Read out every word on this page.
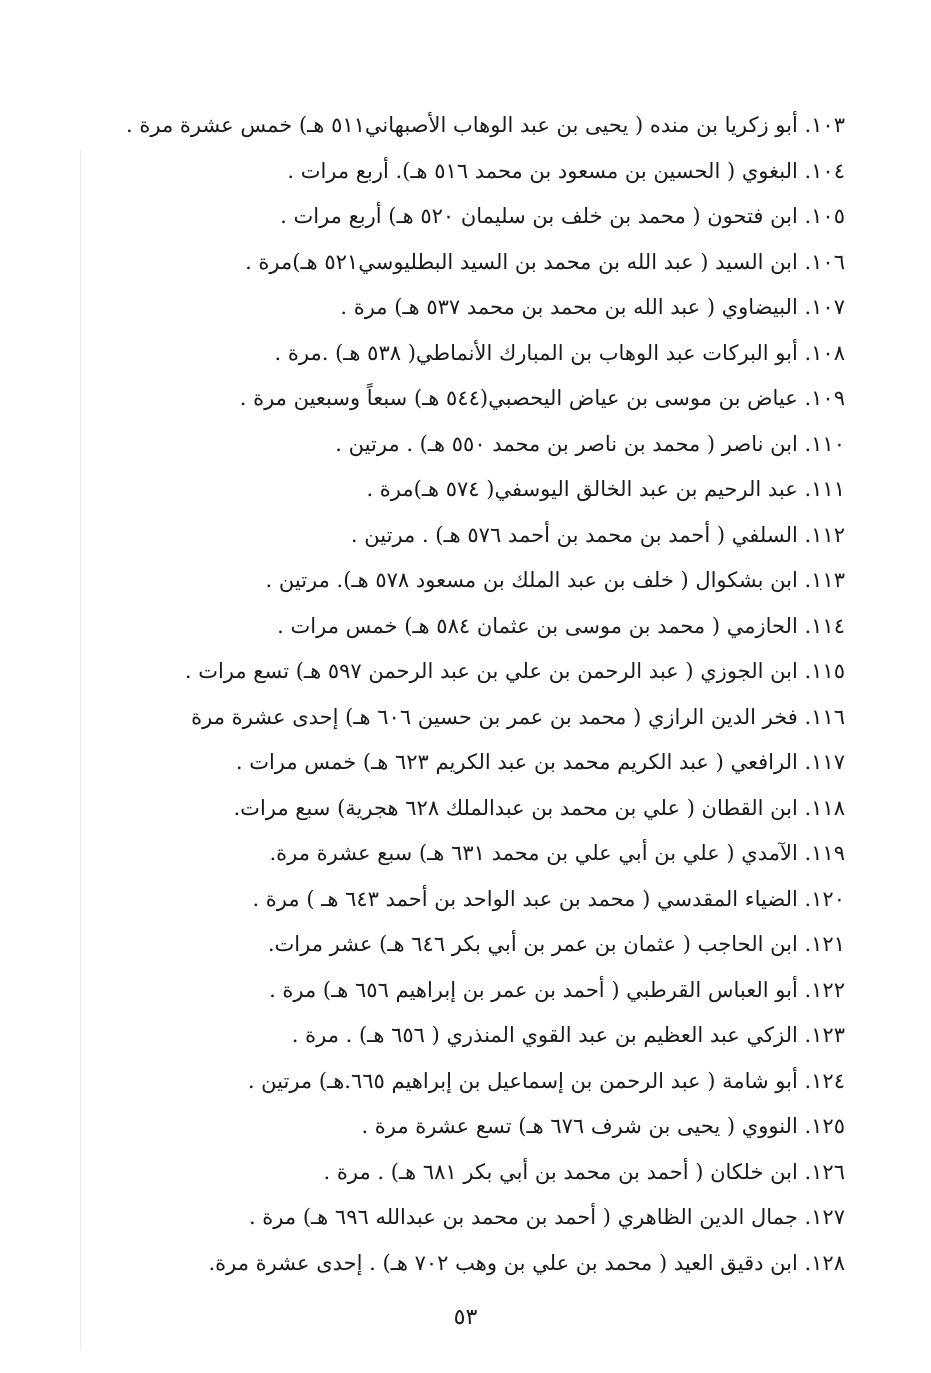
١٠٣. أبو زكريا بن منده ( يحيى بن عبد الوهاب الأصبهاني٥١١ هـ) خمس عشرة مرة .
١٠٤. البغوي ( الحسين بن مسعود بن محمد ٥١٦ هـ). أربع مرات .
١٠٥. ابن فتحون ( محمد بن خلف بن سليمان ٥٢٠ هـ) أربع مرات .
١٠٦. ابن السيد ( عبد الله بن محمد بن السيد البطليوسي٥٢١ هـ)مرة .
١٠٧. البيضاوي ( عبد الله بن محمد بن محمد ٥٣٧ هـ) مرة .
١٠٨. أبو البركات عبد الوهاب بن المبارك الأنماطي( ٥٣٨ هـ) .مرة .
١٠٩. عياض بن موسى بن عياض اليحصبي(٥٤٤ هـ) سبعاً وسبعين مرة .
١١٠. ابن ناصر ( محمد بن ناصر بن محمد ٥٥٠ هـ) . مرتين .
١١١. عبد الرحيم بن عبد الخالق اليوسفي( ٥٧٤ هـ)مرة .
١١٢. السلفي ( أحمد بن محمد بن أحمد ٥٧٦ هـ) . مرتين .
١١٣. ابن بشكوال ( خلف بن عبد الملك بن مسعود ٥٧٨ هـ). مرتين .
١١٤. الحازمي ( محمد بن موسى بن عثمان ٥٨٤ هـ) خمس مرات .
١١٥. ابن الجوزي ( عبد الرحمن بن علي بن عبد الرحمن ٥٩٧ هـ) تسع مرات .
١١٦. فخر الدين الرازي ( محمد بن عمر بن حسين ٦٠٦ هـ) إحدى عشرة مرة
١١٧. الرافعي ( عبد الكريم محمد بن عبد الكريم ٦٢٣ هـ) خمس مرات .
١١٨. ابن القطان ( علي بن محمد بن عبدالملك ٦٢٨ هجرية) سبع مرات.
١١٩. الآمدي ( علي بن أبي علي بن محمد ٦٣١ هـ) سبع عشرة مرة.
١٢٠. الضياء المقدسي ( محمد بن عبد الواحد بن أحمد ٦٤٣ هـ ) مرة .
١٢١. ابن الحاجب ( عثمان بن عمر بن أبي بكر ٦٤٦ هـ) عشر مرات.
١٢٢. أبو العباس القرطبي ( أحمد بن عمر بن إبراهيم ٦٥٦ هـ) مرة .
١٢٣. الزكي عبد العظيم بن عبد القوي المنذري ( ٦٥٦ هـ) . مرة .
١٢٤. أبو شامة ( عبد الرحمن بن إسماعيل بن إبراهيم ٦٦٥.هـ) مرتين .
١٢٥. النووي ( يحيى بن شرف ٦٧٦ هـ) تسع عشرة مرة .
١٢٦. ابن خلكان ( أحمد بن محمد بن أبي بكر ٦٨١ هـ) . مرة .
١٢٧. جمال الدين الظاهري ( أحمد بن محمد بن عبدالله ٦٩٦ هـ) مرة .
١٢٨. ابن دقيق العيد ( محمد بن علي بن وهب ٧٠٢ هـ) . إحدى عشرة مرة.
٥٣
